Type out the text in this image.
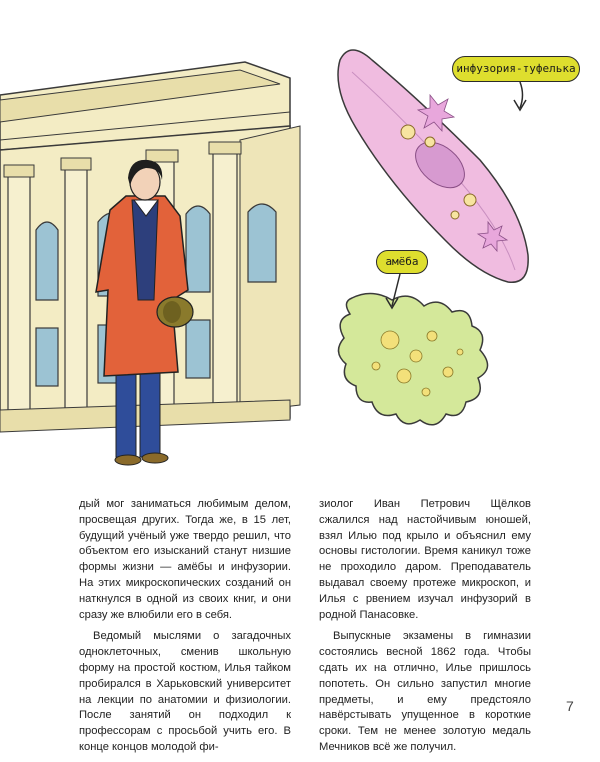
инфузория-туфелька
амёба

дый мог заниматься любимым делом, просвещая других. Тогда же, в 15 лет, будущий учёный уже твердо решил, что объектом его изысканий станут низшие формы жизни — амёбы и инфузории. На этих микроскопических созданий он наткнулся в одной из своих книг, и они сразу же влюбили его в себя.

Ведомый мыслями о загадочных одноклеточных, сменив школьную форму на простой костюм, Илья тайком пробирался в Харьковский университет на лекции по анатомии и физиологии. После занятий он подходил к профессорам с просьбой учить его. В конце концов молодой фи-

зиолог Иван Петрович Щёлков сжалился над настойчивым юношей, взял Илью под крыло и объяснил ему основы гистологии. Время каникул тоже не проходило даром. Преподаватель выдавал своему протеже микроскоп, и Илья с рвением изучал инфузорий в родной Панасовке.

Выпускные экзамены в гимназии состоялись весной 1862 года. Чтобы сдать их на отлично, Илье пришлось попотеть. Он сильно запустил многие предметы, и ему предстояло навёрстывать упущенное в короткие сроки. Тем не менее золотую медаль Мечников всё же получил.

7
